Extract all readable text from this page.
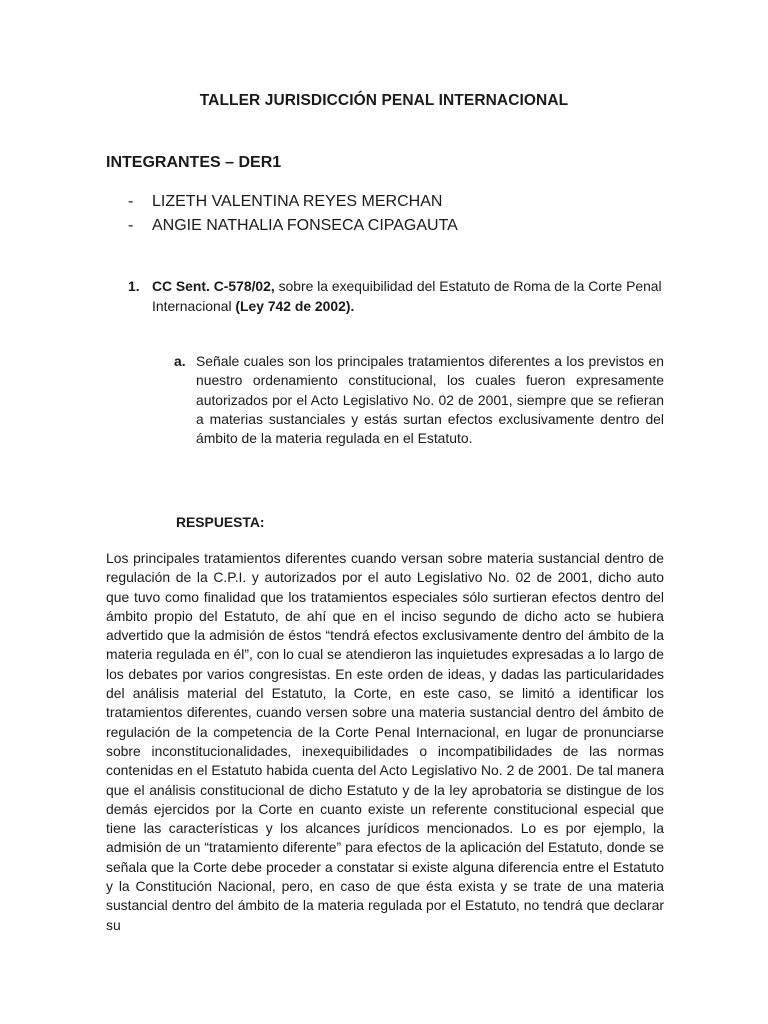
TALLER JURISDICCIÓN PENAL INTERNACIONAL
INTEGRANTES – DER1
- LIZETH VALENTINA REYES MERCHAN
- ANGIE NATHALIA FONSECA CIPAGAUTA
1. CC Sent. C-578/02, sobre la exequibilidad del Estatuto de Roma de la Corte Penal Internacional (Ley 742 de 2002).
a. Señale cuales son los principales tratamientos diferentes a los previstos en nuestro ordenamiento constitucional, los cuales fueron expresamente autorizados por el Acto Legislativo No. 02 de 2001, siempre que se refieran a materias sustanciales y estás surtan efectos exclusivamente dentro del ámbito de la materia regulada en el Estatuto.
RESPUESTA:

Los principales tratamientos diferentes cuando versan sobre materia sustancial dentro de regulación de la C.P.I. y autorizados por el auto Legislativo No. 02 de 2001, dicho auto que tuvo como finalidad que los tratamientos especiales sólo surtieran efectos dentro del ámbito propio del Estatuto, de ahí que en el inciso segundo de dicho acto se hubiera advertido que la admisión de éstos “tendrá efectos exclusivamente dentro del ámbito de la materia regulada en él”, con lo cual se atendieron las inquietudes expresadas a lo largo de los debates por varios congresistas. En este orden de ideas, y dadas las particularidades del análisis material del Estatuto, la Corte, en este caso, se limitó a identificar los tratamientos diferentes, cuando versen sobre una materia sustancial dentro del ámbito de regulación de la competencia de la Corte Penal Internacional, en lugar de pronunciarse sobre inconstitucionalidades, inexequibilidades o incompatibilidades de las normas contenidas en el Estatuto habida cuenta del Acto Legislativo No. 2 de 2001. De tal manera que el análisis constitucional de dicho Estatuto y de la ley aprobatoria se distingue de los demás ejercidos por la Corte en cuanto existe un referente constitucional especial que tiene las características y los alcances jurídicos mencionados. Lo es por ejemplo, la admisión de un “tratamiento diferente” para efectos de la aplicación del Estatuto, donde se señala que la Corte debe proceder a constatar si existe alguna diferencia entre el Estatuto y la Constitución Nacional, pero, en caso de que ésta exista y se trate de una materia sustancial dentro del ámbito de la materia regulada por el Estatuto, no tendrá que declarar su
